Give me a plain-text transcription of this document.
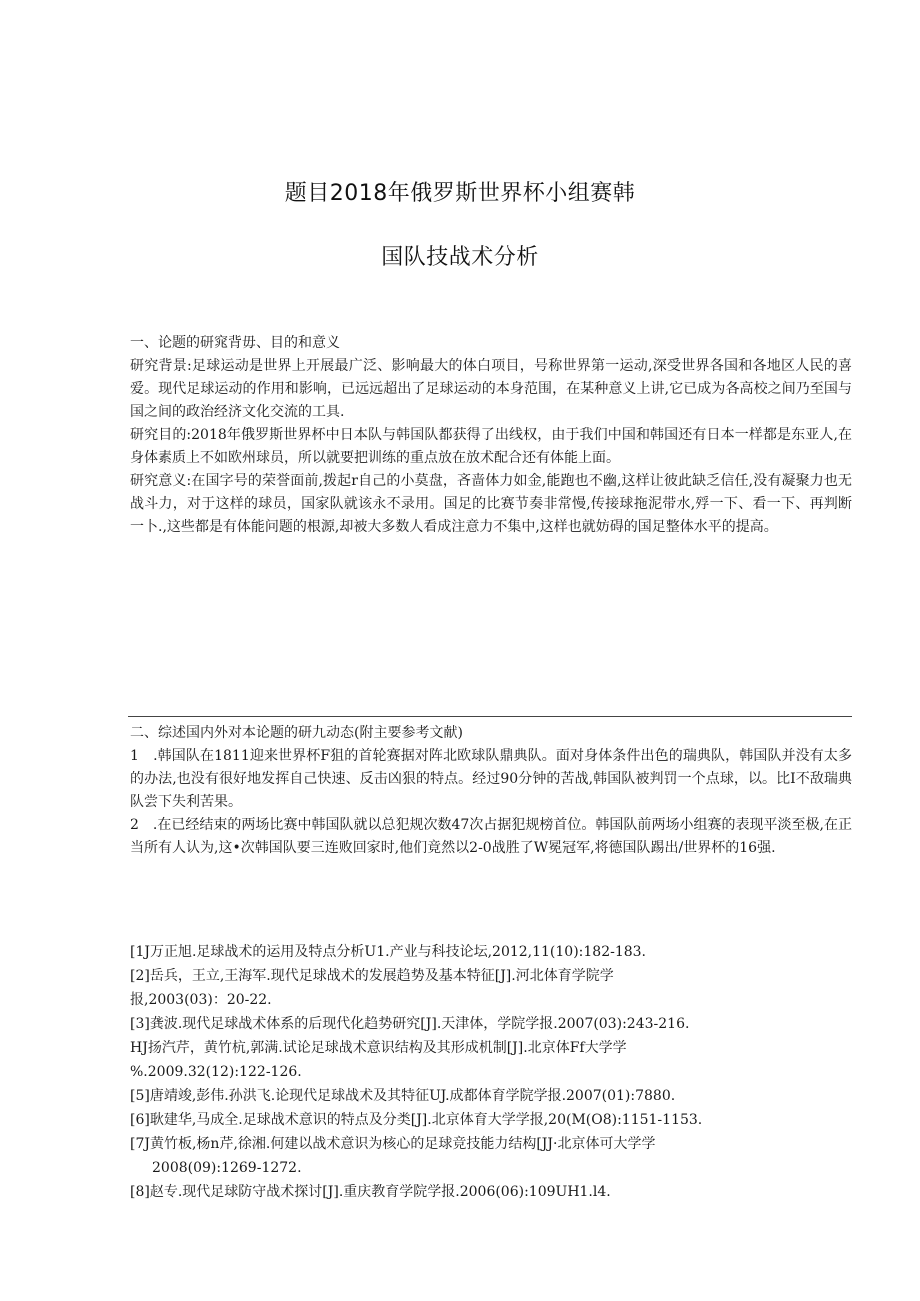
题目2018年俄罗斯世界杯小组赛韩
国队技战术分析

一、论题的研窕背毋、目的和意义

研究背景:足球运动是世界上开展最广泛、影响最大的体白项目，号称世界第一运动,深受世界各国和各地区人民的喜爱。现代足球运动的作用和影响，已远远超出了足球运动的本身范围，在某种意义上讲,它已成为各高校之间乃至国与国之间的政治经济文化交流的工具.

研究目的:2018年俄罗斯世界杯中日本队与韩国队都获得了出线权，由于我们中国和韩国还有日本一样都是东亚人,在身体素质上不如欧州球员，所以就要把训练的重点放在放术配合还有体能上面。

研究意义:在国字号的荣誉面前,拨起r自己的小莫盘，吝啬体力如金,能跑也不幽,这样让彼此缺乏信任,没有凝聚力也无战斗力，对于这样的球员，国家队就该永不录用。国足的比赛节奏非常慢,传接球拖泥带水,殍一下、看一下、再判断一卜.,这些都是有体能问题的根源,却被大多数人看成注意力不集中,这样也就妨碍的国足整体水平的提高。

二、综述国内外对本论题的研九动态(附主要参考文献)

1　.韩国队在1811迎来世界杯F狙的首轮赛据对阵北欧球队鼎典队。面对身体条件出色的瑞典队，韩国队并没有太多的办法,也没有很好地发挥自己快速、反击凶狠的特点。经过90分钟的苦战,韩国队被判罚一个点球，以。比I不敌瑞典队尝下失利苦果。

2　.在已经结束的两场比赛中韩国队就以总犯规次数47次占据犯规榜首位。韩国队前两场小组赛的表现平淡至极,在正当所有人认为,这•次韩国队要三连败回家时,他们竟然以2-0战胜了W冕冠军,将德国队踢出/世界杯的16强.

[1J万正旭.足球战术的运用及特点分析U1.产业与科技论坛,2012,11(10):182-183.

[2]岳兵，王立,王海军.现代足球战术的发展趋势及基本特征[J].河北体育学院学

报,2003(03)：20-22.

[3]龚波.现代足球战术体系的后现代化趋势研究[J].天津体，学院学报.2007(03):243-216.

HJ扬汽芹，黄竹杭,郭满.试论足球战术意识结构及其形成机制[J].北京体Ff大学学

%.2009.32(12):122-126.

[5]唐靖竣,彭伟.孙洪飞.论现代足球战术及其特征UJ.成都体育学院学报.2007(01):7880.

[6]耿建华,马成全.足球战术意识的特点及分类[J].北京体育大学学报,20(M(O8):1151-1153.

[7J黄竹板,杨n芹,徐湘.何建以战术意识为核心的足球竞技能力结构[JJ·北京体可大学学

2008(09):1269-1272.

[8]赵专.现代足球防守战术探讨[J].重庆教育学院学报.2006(06):109UH1.l4.
